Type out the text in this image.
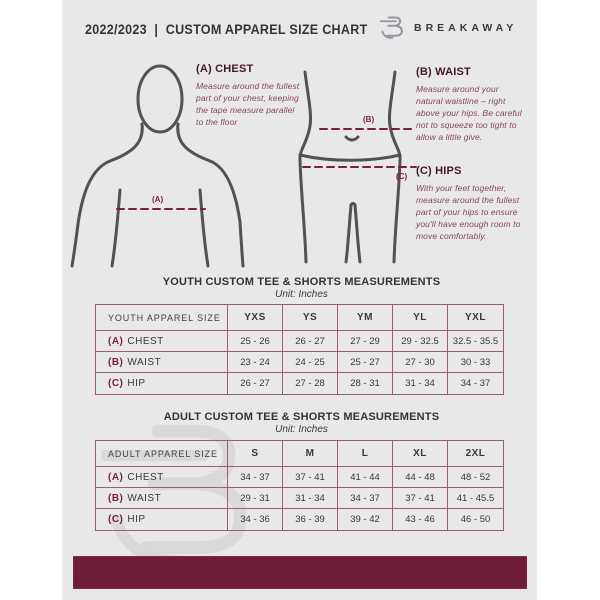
2022/2023  |  CUSTOM APPAREL SIZE CHART	BREAKAWAY
(A)
(B)
(C)
(A) CHEST

Measure around the fullest part of your chest, keeping the tape measure parallel to the floor

(B) WAIST

Measure around your natural waistline – right above your hips. Be careful not to squeeze too tight to allow a little give.

(C) HIPS

With your feet together, measure around the fullest part of your hips to ensure you'll have enough room to move comfortably.

YOUTH CUSTOM TEE & SHORTS MEASUREMENTS
Unit: Inches
YOUTH APPAREL SIZE	YXS	YS	YM	YL	YXL
(A) CHEST	25 - 26	26 - 27	27 - 29	29 - 32.5	32.5 - 35.5
(B) WAIST	23 - 24	24 - 25	25 - 27	27 - 30	30 - 33
(C) HIP	26 - 27	27 - 28	28 - 31	31 - 34	34 - 37
ADULT CUSTOM TEE & SHORTS MEASUREMENTS
Unit: Inches
ADULT APPAREL SIZE	S	M	L	XL	2XL
(A) CHEST	34 - 37	37 - 41	41 - 44	44 - 48	48 - 52
(B) WAIST	29 - 31	31 - 34	34 - 37	37 - 41	41 - 45.5
(C) HIP	34 - 36	36 - 39	39 - 42	43 - 46	46 - 50
